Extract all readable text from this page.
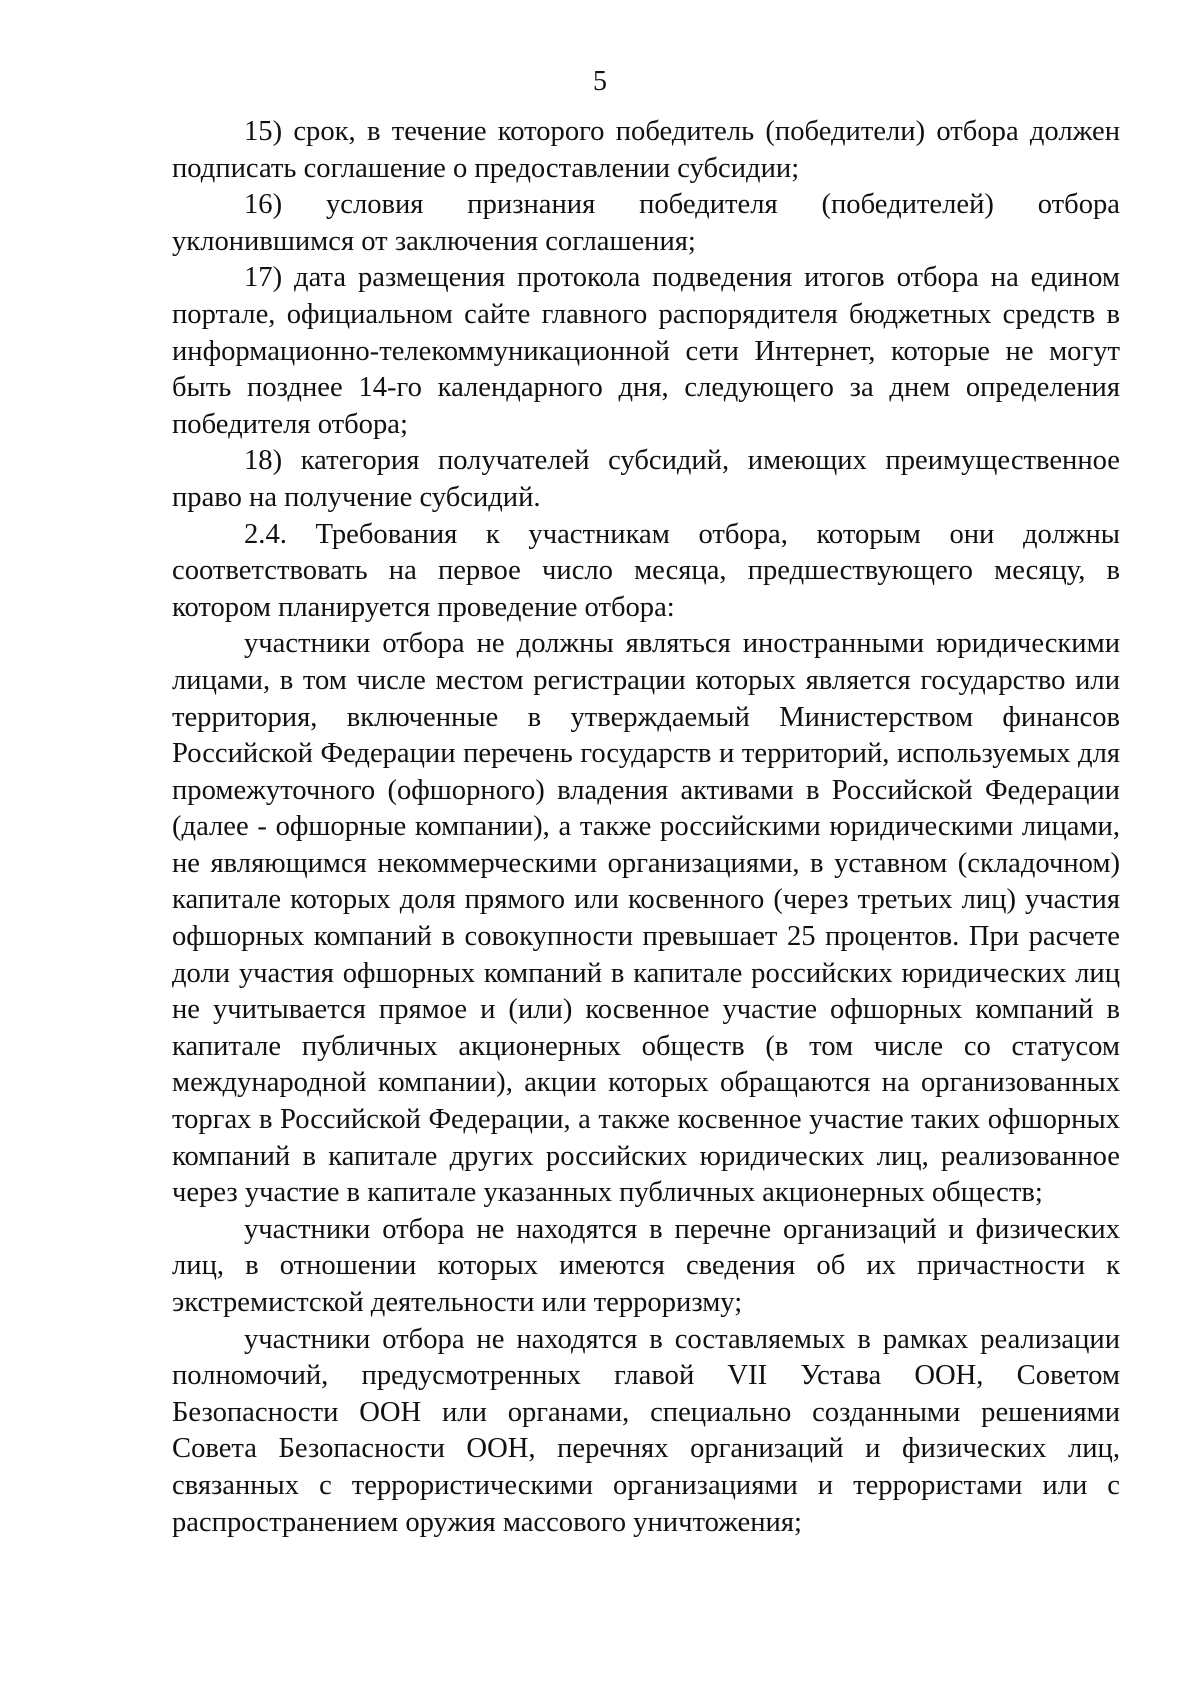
5

15) срок, в течение которого победитель (победители) отбора должен подписать соглашение о предоставлении субсидии;

16) условия признания победителя (победителей) отбора уклонившимся от заключения соглашения;

17) дата размещения протокола подведения итогов отбора на едином портале, официальном сайте главного распорядителя бюджетных средств в информационно-телекоммуникационной сети Интернет, которые не могут быть позднее 14-го календарного дня, следующего за днем определения победителя отбора;

18) категория получателей субсидий, имеющих преимущественное право на получение субсидий.

2.4. Требования к участникам отбора, которым они должны соответствовать на первое число месяца, предшествующего месяцу, в котором планируется проведение отбора:

участники отбора не должны являться иностранными юридическими лицами, в том числе местом регистрации которых является государство или территория, включенные в утверждаемый Министерством финансов Российской Федерации перечень государств и территорий, используемых для промежуточного (офшорного) владения активами в Российской Федерации (далее - офшорные компании), а также российскими юридическими лицами, не являющимся некоммерческими организациями, в уставном (складочном) капитале которых доля прямого или косвенного (через третьих лиц) участия офшорных компаний в совокупности превышает 25 процентов. При расчете доли участия офшорных компаний в капитале российских юридических лиц не учитывается прямое и (или) косвенное участие офшорных компаний в капитале публичных акционерных обществ (в том числе со статусом международной компании), акции которых обращаются на организованных торгах в Российской Федерации, а также косвенное участие таких офшорных компаний в капитале других российских юридических лиц, реализованное через участие в капитале указанных публичных акционерных обществ;

участники отбора не находятся в перечне организаций и физических лиц, в отношении которых имеются сведения об их причастности к экстремистской деятельности или терроризму;

участники отбора не находятся в составляемых в рамках реализации полномочий, предусмотренных главой VII Устава ООН, Советом Безопасности ООН или органами, специально созданными решениями Совета Безопасности ООН, перечнях организаций и физических лиц, связанных с террористическими организациями и террористами или с распространением оружия массового уничтожения;
